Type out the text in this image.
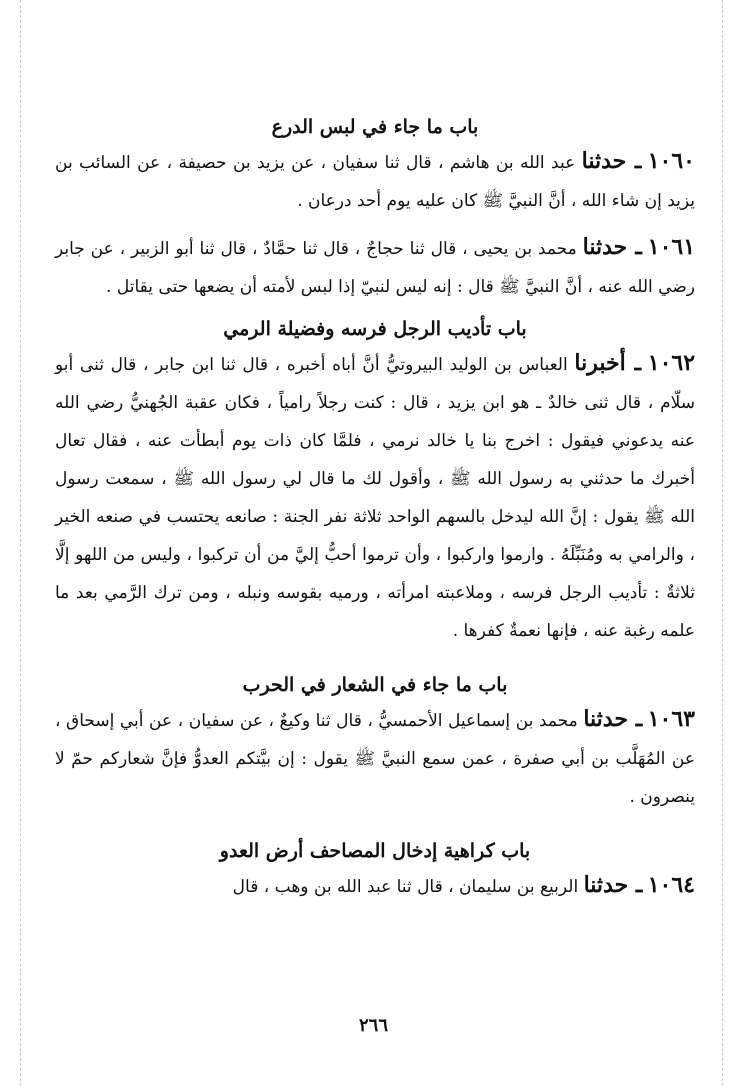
باب ما جاء في لبس الدرع

١٠٦٠ ـ حدثنا عبد الله بن هاشم ، قال ثنا سفيان ، عن يزيد بن حصيفة ، عن السائب بن يزيد إن شاء الله ، أنَّ النبيَّ ﷺ كان عليه يوم أحد درعان .

١٠٦١ ـ حدثنا محمد بن يحيى ، قال ثنا حجاجٌ ، قال ثنا حمَّادٌ ، قال ثنا أبو الزبير ، عن جابر رضي الله عنه ، أنَّ النبيَّ ﷺ قال : إنه ليس لنبيّ إذا لبس لأمته أن يضعها حتى يقاتل .

باب تأديب الرجل فرسه وفضيلة الرمي

١٠٦٢ ـ أخبرنا العباس بن الوليد البيروتيُّ أنَّ أباه أخبره ، قال ثنا ابن جابر ، قال ثنى أبو سلّام ، قال ثنى خالدٌ ـ هو ابن يزيد ، قال : كنت رجلاً رامياً ، فكان عقبة الجُهنيُّ رضي الله عنه يدعوني فيقول : اخرج بنا يا خالد نرمي ، فلمَّا كان ذات يوم أبطأت عنه ، فقال تعال أخبرك ما حدثني به رسول الله ﷺ ، وأقول لك ما قال لي رسول الله ﷺ ، سمعت رسول الله ﷺ يقول : إنَّ الله ليدخل بالسهم الواحد ثلاثة نفر الجنة : صانعه يحتسب في صنعه الخير ، والرامي به ومُنَبِّلَهُ . وارموا واركبوا ، وأن ترموا أحبُّ إليَّ من أن تركبوا ، وليس من اللهو إلَّا ثلاثةٌ : تأديب الرجل فرسه ، وملاعبته امرأته ، ورميه بقوسه ونبله ، ومن ترك الرَّمي بعد ما علمه رغبة عنه ، فإنها نعمةٌ كفرها .

باب ما جاء في الشعار في الحرب

١٠٦٣ ـ حدثنا محمد بن إسماعيل الأحمسيُّ ، قال ثنا وكيعٌ ، عن سفيان ، عن أبي إسحاق ، عن المُهَلَّب بن أبي صفرة ، عمن سمع النبيَّ ﷺ يقول : إن بيَّتكم العدوُّ فإنَّ شعاركم حمّ لا ينصرون .

باب كراهية إدخال المصاحف أرض العدو

١٠٦٤ ـ حدثنا الربيع بن سليمان ، قال ثنا عبد الله بن وهب ، قال

٢٦٦
